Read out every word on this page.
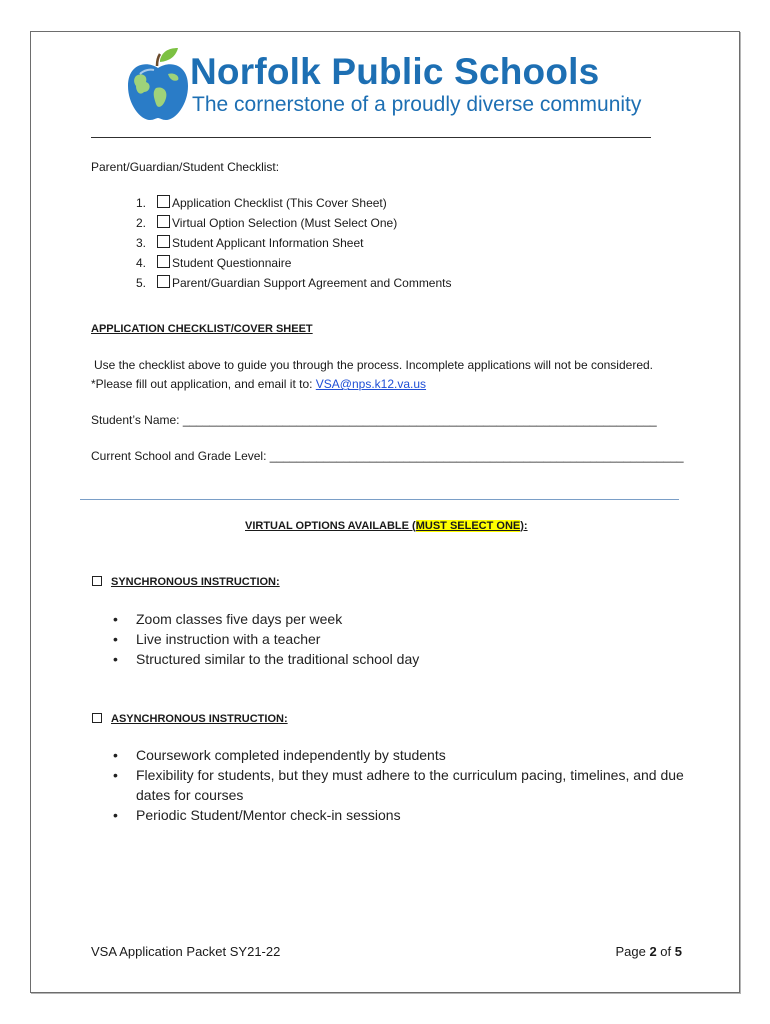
Norfolk Public Schools
The cornerstone of a proudly diverse community
Parent/Guardian/Student Checklist:
1.	Application Checklist (This Cover Sheet)
2.	Virtual Option Selection (Must Select One)
3.	Student Applicant Information Sheet
4.	Student Questionnaire
5.	Parent/Guardian Support Agreement and Comments
APPLICATION CHECKLIST/COVER SHEET
Use the checklist above to guide you through the process. Incomplete applications will not be considered.
*Please fill out application, and email it to: VSA@nps.k12.va.us
Student’s Name: _______________________________________________________________________
Current School and Grade Level: ______________________________________________________________
VIRTUAL OPTIONS AVAILABLE (MUST SELECT ONE):
SYNCHRONOUS INSTRUCTION:
• Zoom classes five days per week
• Live instruction with a teacher
• Structured similar to the traditional school day
ASYNCHRONOUS INSTRUCTION:
• Coursework completed independently by students
• Flexibility for students, but they must adhere to the curriculum pacing, timelines, and due dates for courses
• Periodic Student/Mentor check-in sessions
VSA Application Packet SY21-22	Page 2 of 5
